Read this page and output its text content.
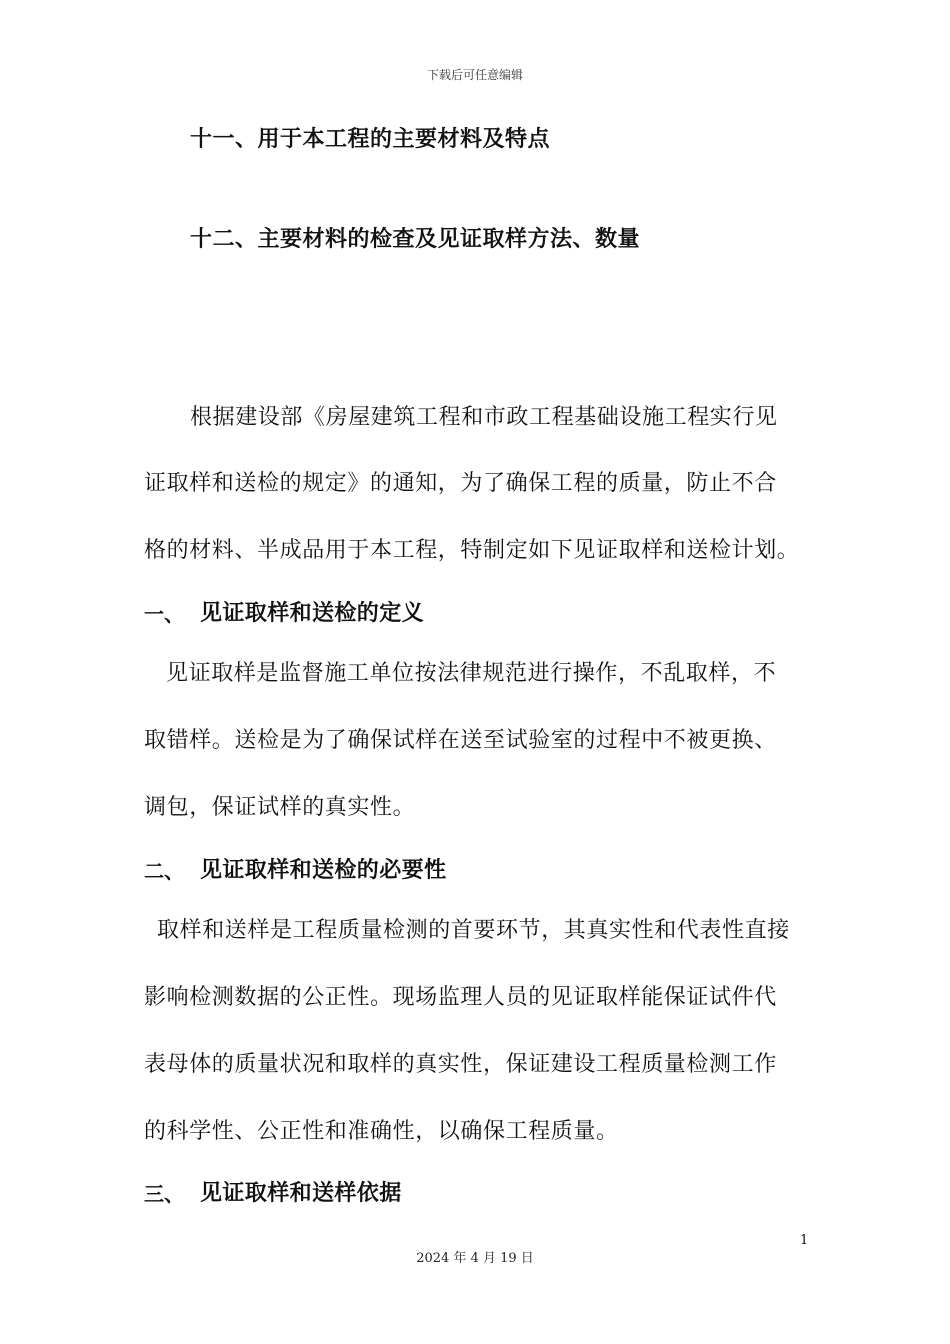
下载后可任意编辑
十一、用于本工程的主要材料及特点
十二、主要材料的检查及见证取样方法、数量
根据建设部《房屋建筑工程和市政工程基础设施工程实行见
证取样和送检的规定》的通知，为了确保工程的质量，防止不合
格的材料、半成品用于本工程，特制定如下见证取样和送检计划。
一、 见证取样和送检的定义
见证取样是监督施工单位按法律规范进行操作，不乱取样，不
取错样。送检是为了确保试样在送至试验室的过程中不被更换、
调包，保证试样的真实性。
二、 见证取样和送检的必要性
取样和送样是工程质量检测的首要环节，其真实性和代表性直接
影响检测数据的公正性。现场监理人员的见证取样能保证试件代
表母体的质量状况和取样的真实性，保证建设工程质量检测工作
的科学性、公正性和准确性，以确保工程质量。
三、 见证取样和送样依据
1
2024 年 4 月 19 日
